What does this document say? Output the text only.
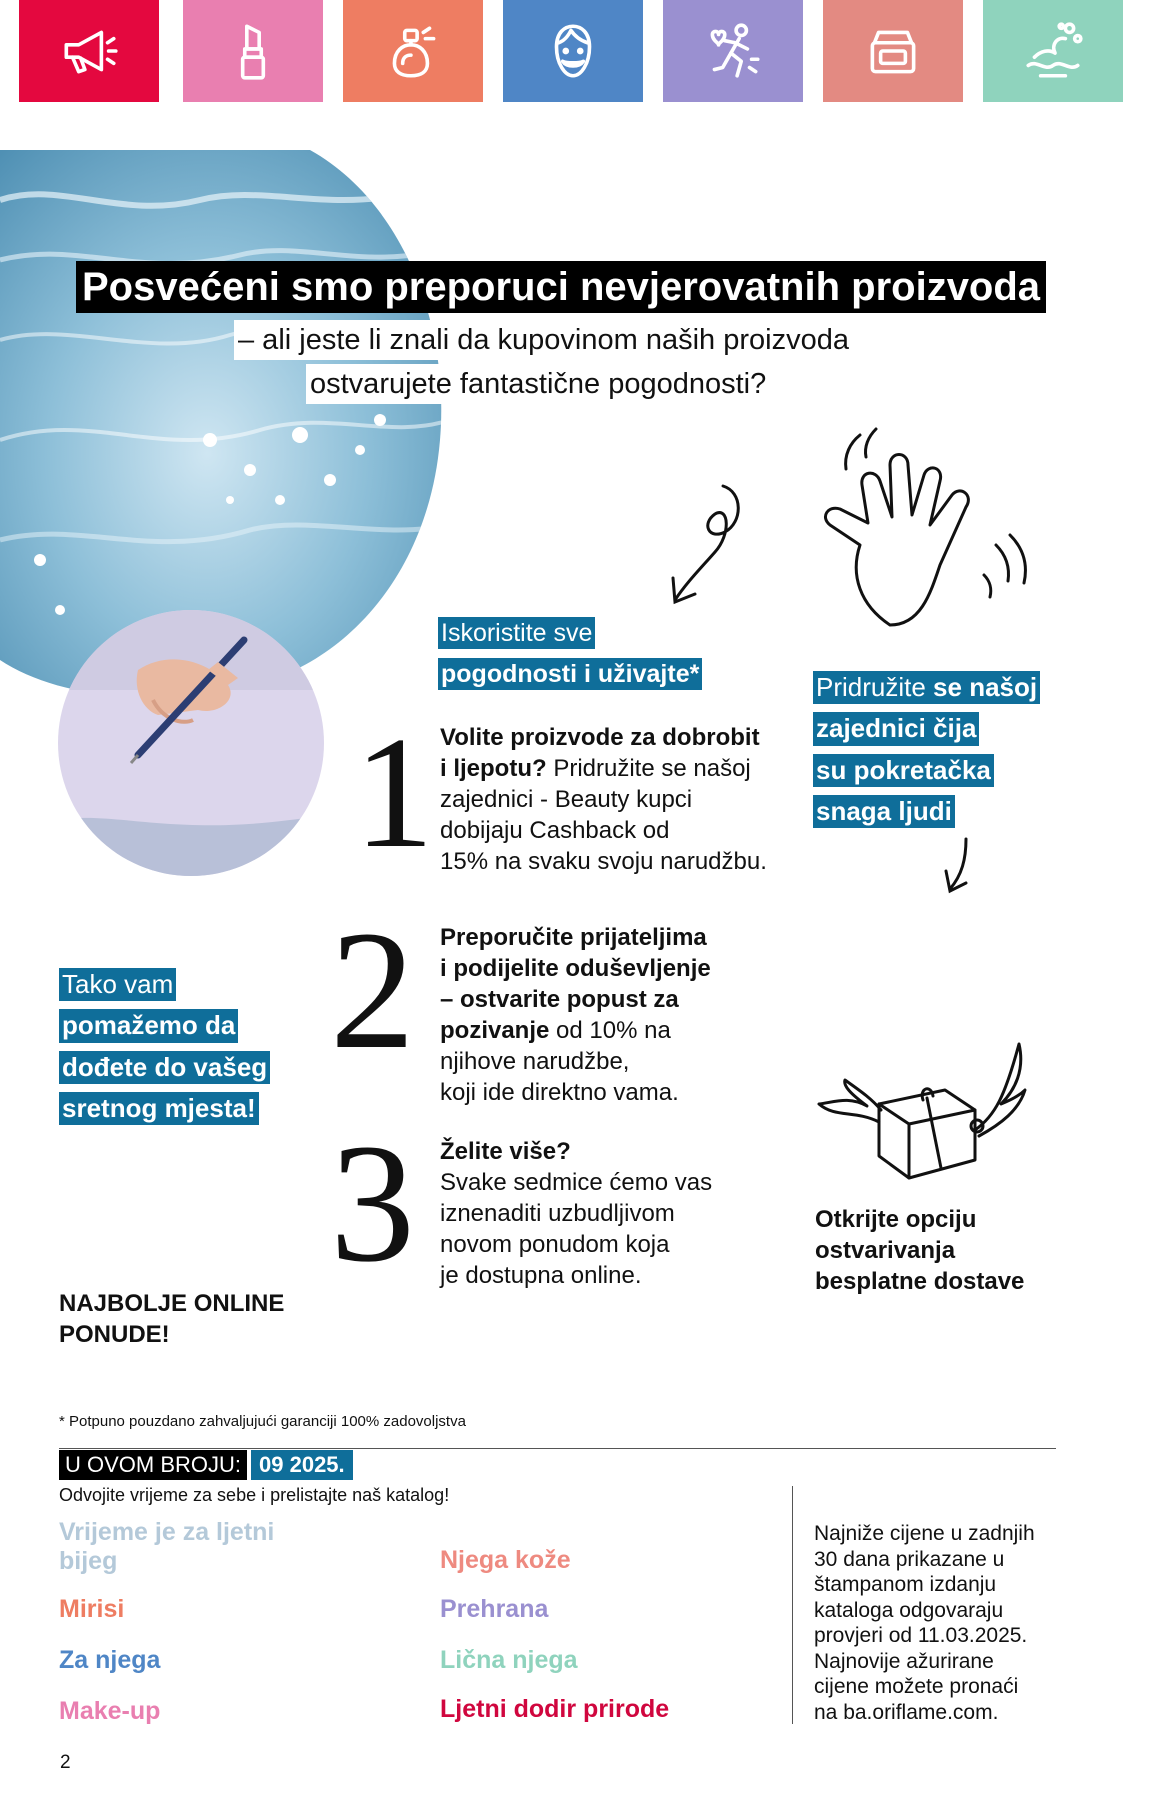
Posvećeni smo preporuci nevjerovatnih proizvoda
– ali jeste li znali da kupovinom naših proizvoda
ostvarujete fantastične pogodnosti?
Iskoristite sve
pogodnosti i uživajte*	Pridružite se našoj
zajednici čija
su pokretačka
snaga ljudi
Tako vam
pomažemo da
dođete do vašeg
sretnog mjesta!
1 Volite proizvode za dobrobit
i ljepotu? Pridružite se našoj
zajednici - Beauty kupci
dobijaju Cashback od
15% na svaku svoju narudžbu.
2 Preporučite prijateljima
i podijelite oduševljenje
– ostvarite popust za
pozivanje od 10% na
njihove narudžbe,
koji ide direktno vama.
3 Želite više?
Svake sedmice ćemo vas
iznenaditi uzbudljivom
novom ponudom koja
je dostupna online.
Otkrijte opciju
ostvarivanja
besplatne dostave
NAJBOLJE ONLINE
PONUDE!
* Potpuno pouzdano zahvaljujući garanciji 100% zadovoljstva
U OVOM BROJU: 09 2025.
Odvojite vrijeme za sebe i prelistajte naš katalog!
Vrijeme je za ljetni
bijeg
Mirisi
Za njega
Make-up
Njega kože
Prehrana
Lična njega
Ljetni dodir prirode
Najniže cijene u zadnjih
30 dana prikazane u
štampanom izdanju
kataloga odgovaraju
provjeri od 11.03.2025.
Najnovije ažurirane
cijene možete pronaći
na ba.oriflame.com.
2
